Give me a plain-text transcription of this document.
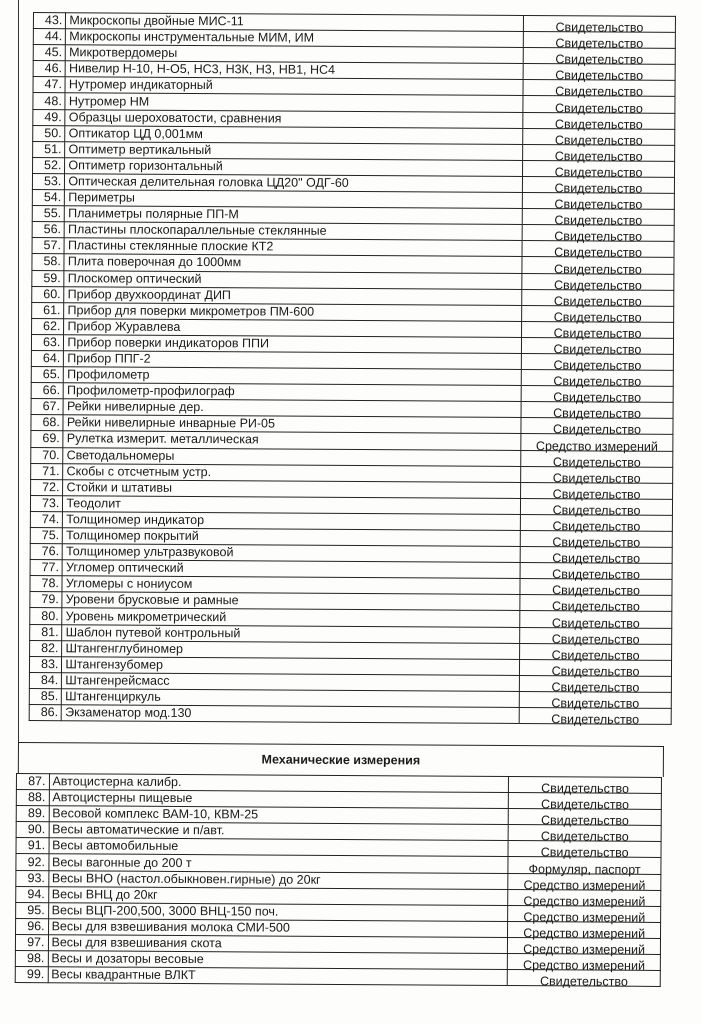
43.	Микроскопы двойные МИС-11	Свидетельство
44.	Микроскопы инструментальные МИМ, ИМ	Свидетельство
45.	Микротвердомеры	Свидетельство
46.	Нивелир Н-10, Н-О5, НС3, Н3К, Н3, НВ1, НС4	Свидетельство
47.	Нутромер индикаторный	Свидетельство
48.	Нутромер НМ	Свидетельство
49.	Образцы шероховатости, сравнения	Свидетельство
50.	Оптикатор ЦД 0,001мм	Свидетельство
51.	Оптиметр вертикальный	Свидетельство
52.	Оптиметр горизонтальный	Свидетельство
53.	Оптическая делительная головка ЦД20" ОДГ-60	Свидетельство
54.	Периметры	Свидетельство
55.	Планиметры полярные ПП-М	Свидетельство
56.	Пластины плоскопараллельные стеклянные	Свидетельство
57.	Пластины стеклянные плоские КТ2	Свидетельство
58.	Плита поверочная до 1000мм	Свидетельство
59.	Плоскомер оптический	Свидетельство
60.	Прибор двухкоординат ДИП	Свидетельство
61.	Прибор для поверки микрометров ПМ-600	Свидетельство
62.	Прибор Журавлева	Свидетельство
63.	Прибор поверки индикаторов ППИ	Свидетельство
64.	Прибор ППГ-2	Свидетельство
65.	Профилометр	Свидетельство
66.	Профилометр-профилограф	Свидетельство
67.	Рейки нивелирные дер.	Свидетельство
68.	Рейки нивелирные инварные РИ-05	Свидетельство
69.	Рулетка измерит. металлическая	Средство измерений
70.	Светодальномеры	Свидетельство
71.	Скобы с отсчетным устр.	Свидетельство
72.	Стойки и штативы	Свидетельство
73.	Теодолит	Свидетельство
74.	Толщиномер индикатор	Свидетельство
75.	Толщиномер покрытий	Свидетельство
76.	Толщиномер ультразвуковой	Свидетельство
77.	Угломер оптический	Свидетельство
78.	Угломеры с нониусом	Свидетельство
79.	Уровени брусковые и рамные	Свидетельство
80.	Уровень микрометрический	Свидетельство
81.	Шаблон путевой контрольный	Свидетельство
82.	Штангенглубиномер	Свидетельство
83.	Штангензубомер	Свидетельство
84.	Штангенрейсмасс	Свидетельство
85.	Штангенциркуль	Свидетельство
86.	Экзаменатор мод.130	Свидетельство
Механические измерения
87.	Автоцистерна калибр.	Свидетельство
88.	Автоцистерны пищевые	Свидетельство
89.	Весовой комплекс ВАМ-10, КВМ-25	Свидетельство
90.	Весы автоматические и п/авт.	Свидетельство
91.	Весы автомобильные	Свидетельство
92.	Весы вагонные до 200 т	Формуляр, паспорт
93.	Весы ВНО (настол.обыкновен.гирные) до 20кг	Средство измерений
94.	Весы ВНЦ до 20кг	Средство измерений
95.	Весы ВЦП-200,500, 3000 ВНЦ-150 поч.	Средство измерений
96.	Весы для взвешивания молока СМИ-500	Средство измерений
97.	Весы для взвешивания скота	Средство измерений
98.	Весы и дозаторы весовые	Средство измерений
99.	Весы квадрантные ВЛКТ	Свидетельство
